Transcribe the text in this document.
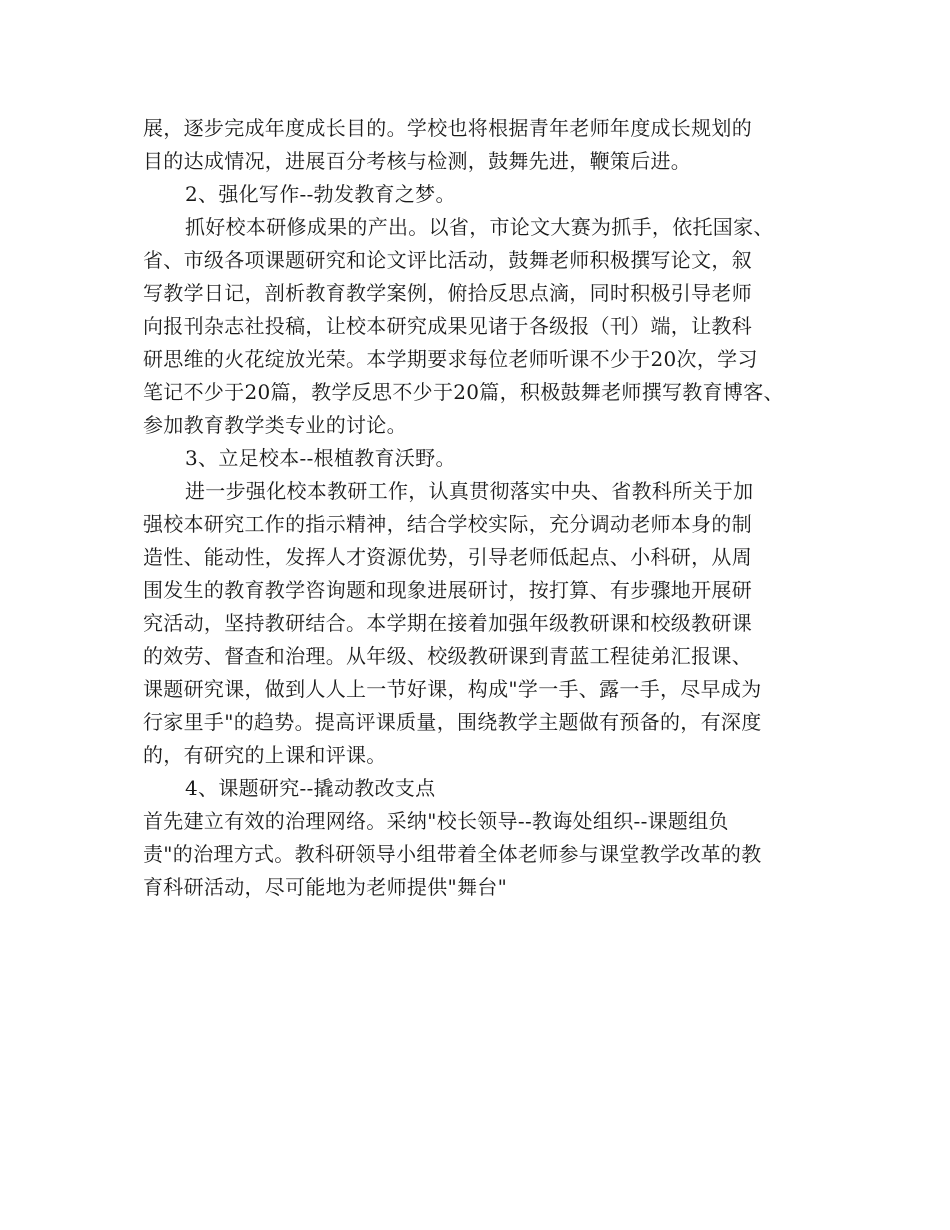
展，逐步完成年度成长目的。学校也将根据青年老师年度成长规划的
目的达成情况，进展百分考核与检测，鼓舞先进，鞭策后进。
2、强化写作--勃发教育之梦。
抓好校本研修成果的产出。以省，市论文大赛为抓手，依托国家、
省、市级各项课题研究和论文评比活动，鼓舞老师积极撰写论文，叙
写教学日记，剖析教育教学案例，俯拾反思点滴，同时积极引导老师
向报刊杂志社投稿，让校本研究成果见诸于各级报（刊）端，让教科
研思维的火花绽放光荣。本学期要求每位老师听课不少于20次，学习
笔记不少于20篇，教学反思不少于20篇，积极鼓舞老师撰写教育博客、
参加教育教学类专业的讨论。
3、立足校本--根植教育沃野。
进一步强化校本教研工作，认真贯彻落实中央、省教科所关于加
强校本研究工作的指示精神，结合学校实际，充分调动老师本身的制
造性、能动性，发挥人才资源优势，引导老师低起点、小科研，从周
围发生的教育教学咨询题和现象进展研讨，按打算、有步骤地开展研
究活动，坚持教研结合。本学期在接着加强年级教研课和校级教研课
的效劳、督查和治理。从年级、校级教研课到青蓝工程徒弟汇报课、
课题研究课，做到人人上一节好课，构成"学一手、露一手，尽早成为
行家里手"的趋势。提高评课质量，围绕教学主题做有预备的，有深度
的，有研究的上课和评课。
4、课题研究--撬动教改支点
首先建立有效的治理网络。采纳"校长领导--教诲处组织--课题组负
责"的治理方式。教科研领导小组带着全体老师参与课堂教学改革的教
育科研活动，尽可能地为老师提供"舞台"
